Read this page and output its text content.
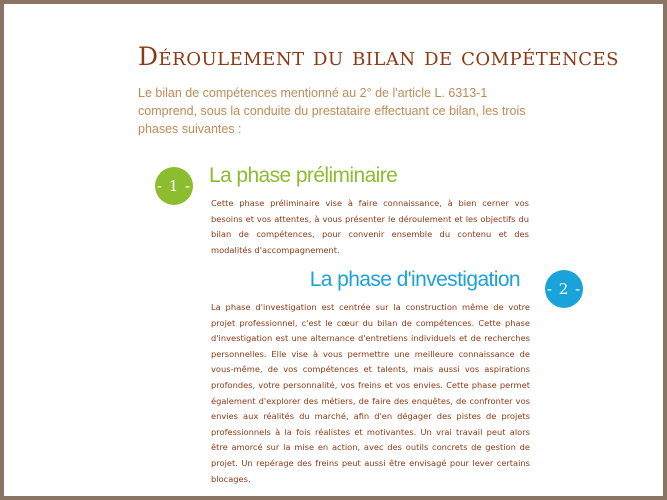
Déroulement du bilan de compétences
Le bilan de compétences mentionné au 2° de l'article L. 6313-1 comprend, sous la conduite du prestataire effectuant ce bilan, les trois phases suivantes :
- 1 - La phase préliminaire
Cette phase préliminaire vise à faire connaissance, à bien cerner vos besoins et vos attentes, à vous présenter le déroulement et les objectifs du bilan de compétences, pour convenir ensemble du contenu et des modalités d'accompagnement.
La phase d'investigation - 2 -
La phase d'investigation est centrée sur la construction même de votre projet professionnel, c'est le cœur du bilan de compétences. Cette phase d'investigation est une alternance d'entretiens individuels et de recherches personnelles. Elle vise à vous permettre une meilleure connaissance de vous-même, de vos compétences et talents, mais aussi vos aspirations profondes, votre personnalité, vos freins et vos envies. Cette phase permet également d'explorer des métiers, de faire des enquêtes, de confronter vos envies aux réalités du marché, afin d'en dégager des pistes de projets professionnels à la fois réalistes et motivantes. Un vrai travail peut alors être amorcé sur la mise en action, avec des outils concrets de gestion de projet. Un repérage des freins peut aussi être envisagé pour lever certains blocages.
